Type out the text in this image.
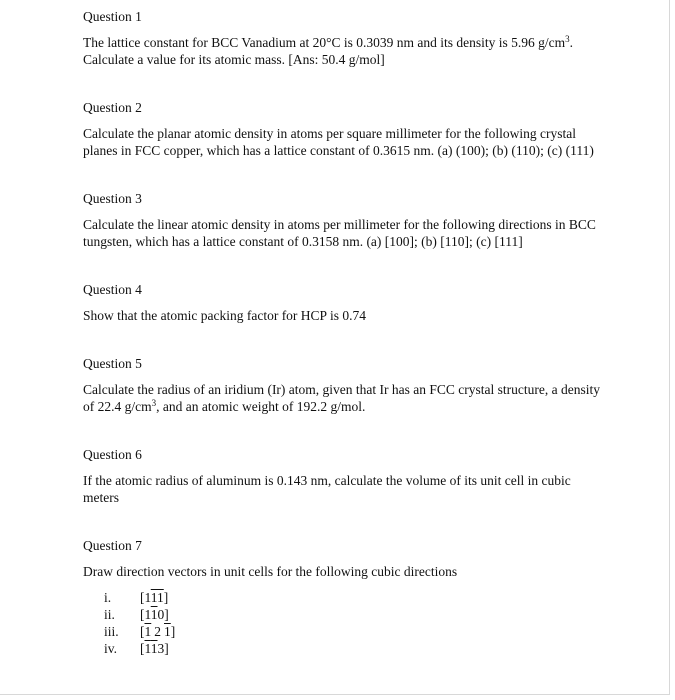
Question 1

The lattice constant for BCC Vanadium at 20°C is 0.3039 nm and its density is 5.96 $g/cm^3$.
Calculate a value for its atomic mass. [Ans: 50.4 g/mol]

Question 2

Calculate the planar atomic density in atoms per square millimeter for the following crystal
planes in FCC copper, which has a lattice constant of 0.3615 nm. (a) (100); (b) (110); (c) (111)

Question 3

Calculate the linear atomic density in atoms per millimeter for the following directions in BCC
tungsten, which has a lattice constant of 0.3158 nm. (a) [100]; (b) [110]; (c) [111]

Question 4

Show that the atomic packing factor for HCP is 0.74

Question 5

Calculate the radius of an iridium (Ir) atom, given that Ir has an FCC crystal structure, a density
of 22.4 $g/cm^3$, and an atomic weight of 192.2 g/mol.

Question 6

If the atomic radius of aluminum is 0.143 nm, calculate the volume of its unit cell in cubic
meters

Question 7

Draw direction vectors in unit cells for the following cubic directions

i.	[111]
ii.	[110]
iii.	[1 2 1]
iv.	[113]
